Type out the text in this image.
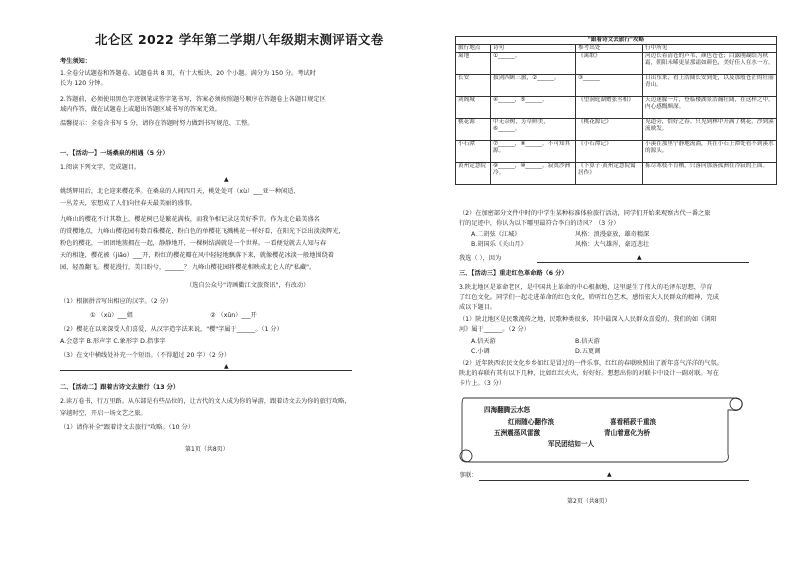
北仑区 2022 学年第二学期八年级期末测评语文卷
考生须知：
1.全卷分试题卷和答题卷。试题卷共 8 页，有十大板块、20 个小题。满分为 150 分。考试时
长为 120 分钟。
2.答题前，必须使用黑色字迹钢笔或签字笔书写，答案必须按照题号顺序在答题卷上各题目规定区
域内作答，做在试题卷上或超出答题区域书写的答案无效。
温馨提示：全卷含书写 5 分，请你在答题时努力做到书写规范、工整。
一、【活动一】一场桑泉的相遇（5 分）
1.阅读下列文字，完成题目。
▲
姚绣辉用后，北仑迎来樱花季。在桑泉的人间四月天，桃处处可（xù）___亚一种闲适、
一丛芳天，宏想成了人们向往春天最美丽的盛事。
九峰山的樱花不计其数上，樱花树已是繁花满枝，而我争相记录这美好季节。作为北仑最美盛名
的赏樱地点，九峰山樱花园有数百株樱花，粉白色的单樱花飞溅桃花一样好看，在阳光下泛出淡淡辉光，
粉色的樱花，一团团地簇拥在一起，静静地开，一棵树结满就是一个世界。一看便觉就去人知与春
天的相逢，樱花被（jiǎo）___开，粉红的樱花瓣在风中轻轻地飘落下来，就像樱花冰淡一般地围绕着
园，轻盈翻飞。樱花漫行，美目盼兮，______？ 九峰山樱花园将樱花相映成北仑人的"私藏"。
（选自公众号"诗画衢江文旅资讯"，有改动）
（1）根据拼音写出相应的汉字。（2 分）
① （xù）___姐	② （xūn）___开
（2）樱花在以来深受人们喜爱，从汉字造字法来说，"樱"字属于______。（1 分）
A.会意字 B.形声字 C.象形字 D.指事字
（3）在文中横线处补充一个短语。（不得超过 20 字）（2 分）
▲
二、【活动二】跟着古诗文去旅行（13 分）
2.读万卷书，行万里路。从东部是有些品位的，让古代的文人成为你的导游，跟着诗文去为你的旅行攻略，
穿越时空，开启一场文艺之旅。
（1）请你补全"跟着诗文去旅行"攻略。（10 分）
第1页（共8页）
"跟着诗文去旅行"攻略			
旅行地点	诗句	参考出处	行中所见
篱地	①______。	《篱歌》	河边长着清苍的芦苇，颜色苍苍；白露刚凝结为秋霜，朝阳未晞更显那霜如颜色，美好佳人在水一方。
长安	拔剑四顾三旅，②______。	③______	日出东来，看上浩阔长安到处，以及那般苍茫的壮丽青山。
剑阁城	④______，⑤______。	《望洞庭湖赠张丞相》	天边迷朦一片，登临楼湖景浩瀚壮阔，在这样之中，内心感慨颇深。
桃花源	中无杂树，芳草鲜美，⑥______。	《桃花源记》	见道旁，恰好之春。只见到林中开满了桃花，沙到溪流映发。
小石潭	⑦______，⑧______。不可知其源。	《小石潭记》	小溪在那里宁静地流淌，其在小石上潭处看不到溪水的源头。
黄州定慧院	⑨______，⑩______。寂寞沙洲冷。	《卜算子·黄州定慧院寓居作》	拣尽寒枝不肯栖，只落向那落孤洲在冷寂的上面。
（2）在加密部分文件中时的中学生某种标准体验旅行活动，同学们开始来观察古代一番之旅
行的足迹中，你认为以下哪里最符合李白的诗风？（3 分）
A.二胡弦《江城》	风格：浪漫豪放，雄奇精深
B.胡国乐《关山月》	风格：大气雄浑，豪迈悲壮
我选（ ），因为	▲
三、【活动三】重走红色革命路（6 分）
3.陕北地区是革命老区，是中国共上革命的中心根据地，这里诞生了伟大的毛泽东思想，孕育
了红色文化。同学们一起走进革命的红色文化，聆听红色艺术，感悟宏大人民群众的精神，完成
成以下题目。
（1）陕北地区是民歌流传之地，民歌种类很多，其中最深入人民群众喜爱的，我们的如《浏阳
河》属于______。（2 分）
A.信天游	B.信天游
C.小调	D.五更调
（2）近年陕西农民文化乡乡如红是冒过的一件乐事，红红的春联映照出了新年喜气洋洋的气氛。
陕北的春联有其有以下几种，比如红红火火，好好好。想想出你的对联卡中设计一副对联。写在
卡片上。（3 分）
四海翻腾云水怒
红雨随心翻作浪	喜看稻菽千重浪
五洲震荡风雷激	青山着意化为桥
军民团结如一人
事联：	▲
第2页（共8页）
